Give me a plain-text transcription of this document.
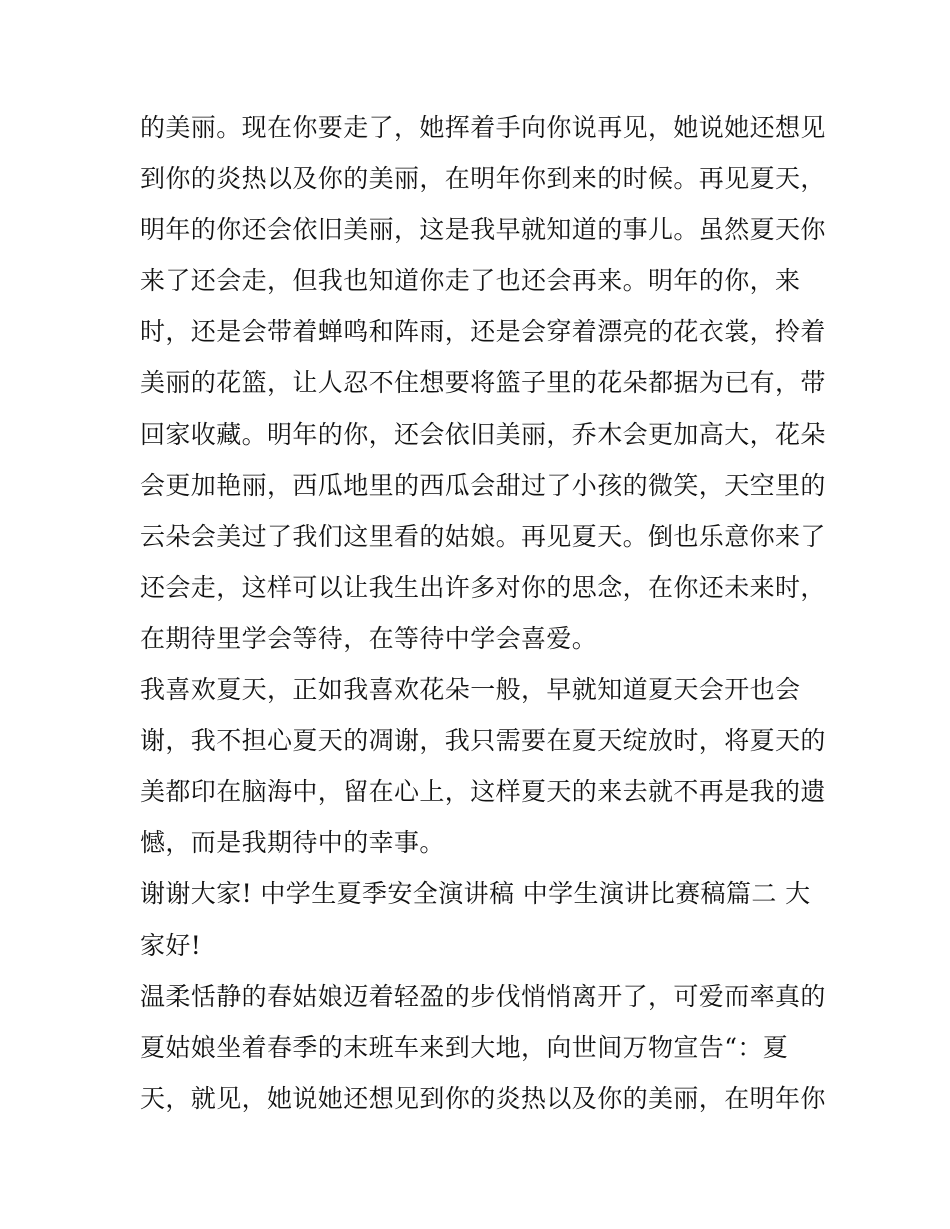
的美丽。现在你要走了，她挥着手向你说再见，她说她还想见
到你的炎热以及你的美丽，在明年你到来的时候。再见夏天，
明年的你还会依旧美丽，这是我早就知道的事儿。虽然夏天你
来了还会走，但我也知道你走了也还会再来。明年的你，来
时，还是会带着蝉鸣和阵雨，还是会穿着漂亮的花衣裳，拎着
美丽的花篮，让人忍不住想要将篮子里的花朵都据为已有，带
回家收藏。明年的你，还会依旧美丽，乔木会更加高大，花朵
会更加艳丽，西瓜地里的西瓜会甜过了小孩的微笑，天空里的
云朵会美过了我们这里看的姑娘。再见夏天。倒也乐意你来了
还会走，这样可以让我生出许多对你的思念，在你还未来时，
在期待里学会等待，在等待中学会喜爱。
我喜欢夏天，正如我喜欢花朵一般，早就知道夏天会开也会
谢，我不担心夏天的凋谢，我只需要在夏天绽放时，将夏天的
美都印在脑海中，留在心上，这样夏天的来去就不再是我的遗
憾，而是我期待中的幸事。
谢谢大家! 中学生夏季安全演讲稿 中学生演讲比赛稿篇二 大
家好!
温柔恬静的春姑娘迈着轻盈的步伐悄悄离开了，可爱而率真的
夏姑娘坐着春季的末班车来到大地，向世间万物宣告“：夏
天，就见，她说她还想见到你的炎热以及你的美丽，在明年你
